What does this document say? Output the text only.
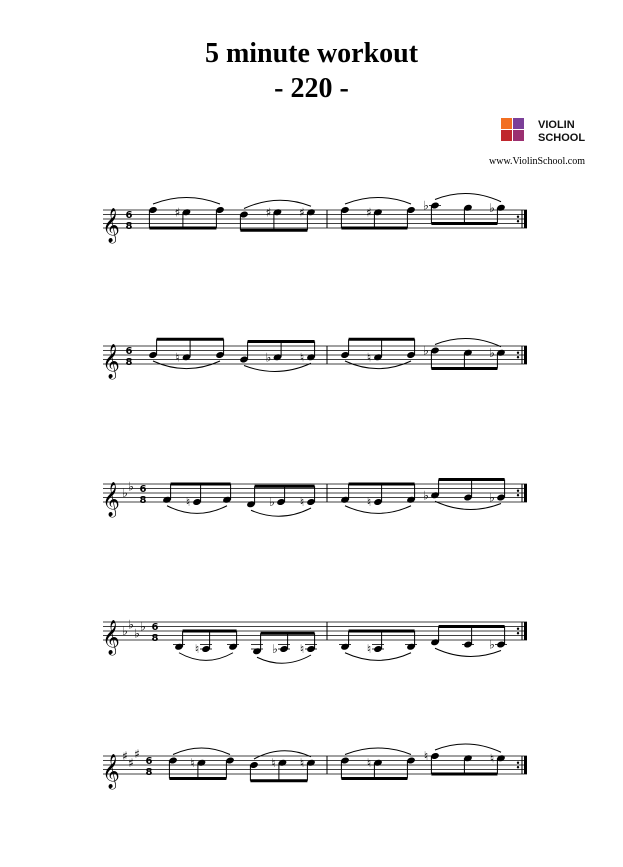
5 minute workout
- 220 -
VIOLIN
SCHOOL
www.ViolinSchool.com
𝄞 6
8
♯	♯ ♯	♯	♭	♭
𝄞 6
8	♮	♭ ♮	♮	♭	♭
𝄞 ♭ ♭ 6
8	♮	♭ ♮	♮	♭	♭
𝄞 ♭ ♭
♭ ♭ 6
8
♮	♭ ♮	♮	♭
𝄞 ♯ ♯
♯
6
8
♮	♮ ♮	♮	♮	♮
